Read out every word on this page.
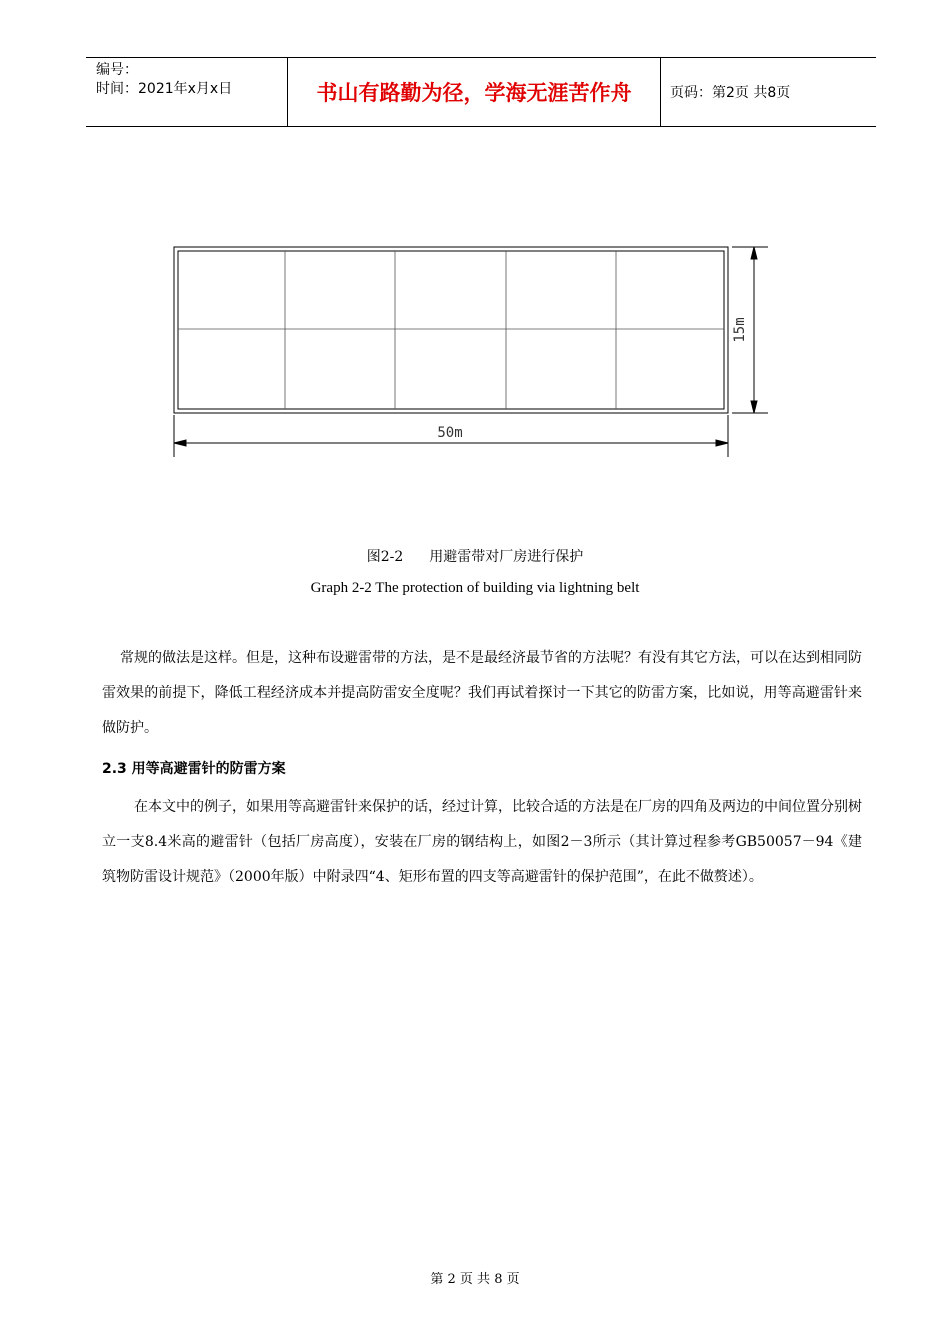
编号：
时间：2021年x月x日	书山有路勤为径，学海无涯苦作舟	页码：第2页 共8页
50m
15m
图2-2 用避雷带对厂房进行保护
Graph 2-2 The protection of building via lightning belt
常规的做法是这样。但是，这种布设避雷带的方法，是不是最经济最节省的方法呢？有没有其它方法，可以在达到相同防雷效果的前提下，降低工程经济成本并提高防雷安全度呢？我们再试着探讨一下其它的防雷方案，比如说，用等高避雷针来做防护。
2.3 用等高避雷针的防雷方案
在本文中的例子，如果用等高避雷针来保护的话，经过计算，比较合适的方法是在厂房的四角及两边的中间位置分别树立一支8.4米高的避雷针（包括厂房高度），安装在厂房的钢结构上，如图2－3所示（其计算过程参考GB50057－94《建筑物防雷设计规范》（2000年版）中附录四“4、矩形布置的四支等高避雷针的保护范围”，在此不做赘述）。
第 2 页 共 8 页
